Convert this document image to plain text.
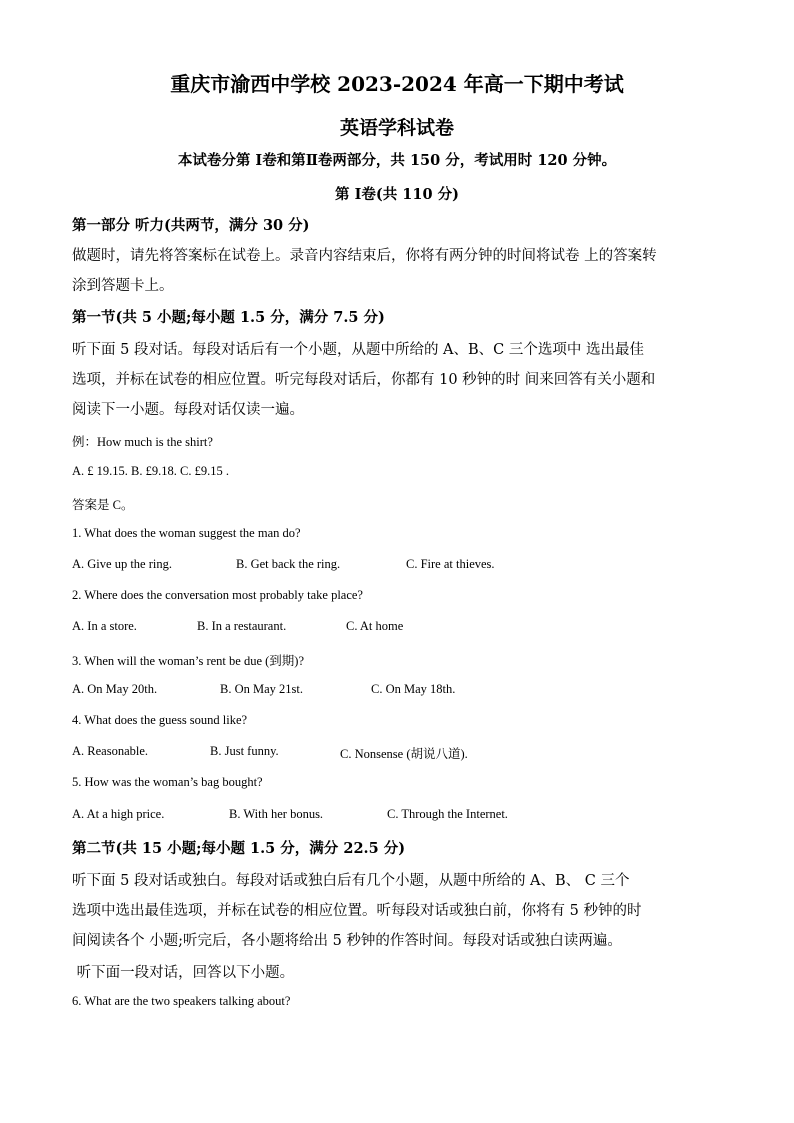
重庆市渝西中学校 2023-2024 年高一下期中考试
英语学科试卷
本试卷分第 Ⅰ卷和第Ⅱ卷两部分，共 150 分，考试用时 120 分钟。
第 Ⅰ卷(共 110 分)
第一部分 听力(共两节，满分 30 分)
做题时，请先将答案标在试卷上。录音内容结束后，你将有两分钟的时间将试卷 上的答案转
涂到答题卡上。
第一节(共 5 小题;每小题 1.5 分，满分 7.5 分)
听下面 5 段对话。每段对话后有一个小题，从题中所给的 A、B、C 三个选项中 选出最佳
选项，并标在试卷的相应位置。听完每段对话后，你都有 10 秒钟的时 间来回答有关小题和
阅读下一小题。每段对话仅读一遍。
例：How much is the shirt?
A. £ 19.15. B. £9.18. C. £9.15 .
答案是 C。
1. What does the woman suggest the man do?
A. Give up the ring.	B. Get back the ring.	C. Fire at thieves.
2. Where does the conversation most probably take place?
A. In a store.	B. In a restaurant.	C. At home
3. When will the woman’s rent be due (到期)?
A. On May 20th.	B. On May 21st.	C. On May 18th.
4. What does the guess sound like?
A. Reasonable.	B. Just funny.	C. Nonsense (胡说八道).
5. How was the woman’s bag bought?
A. At a high price.	B. With her bonus.	C. Through the Internet.
第二节(共 15 小题;每小题 1.5 分，满分 22.5 分)
听下面 5 段对话或独白。每段对话或独白后有几个小题，从题中所给的 A、B、 C 三个
选项中选出最佳选项，并标在试卷的相应位置。听每段对话或独白前，你将有 5 秒钟的时
间阅读各个 小题;听完后，各小题将给出 5 秒钟的作答时间。每段对话或独白读两遍。
听下面一段对话，回答以下小题。
6. What are the two speakers talking about?
